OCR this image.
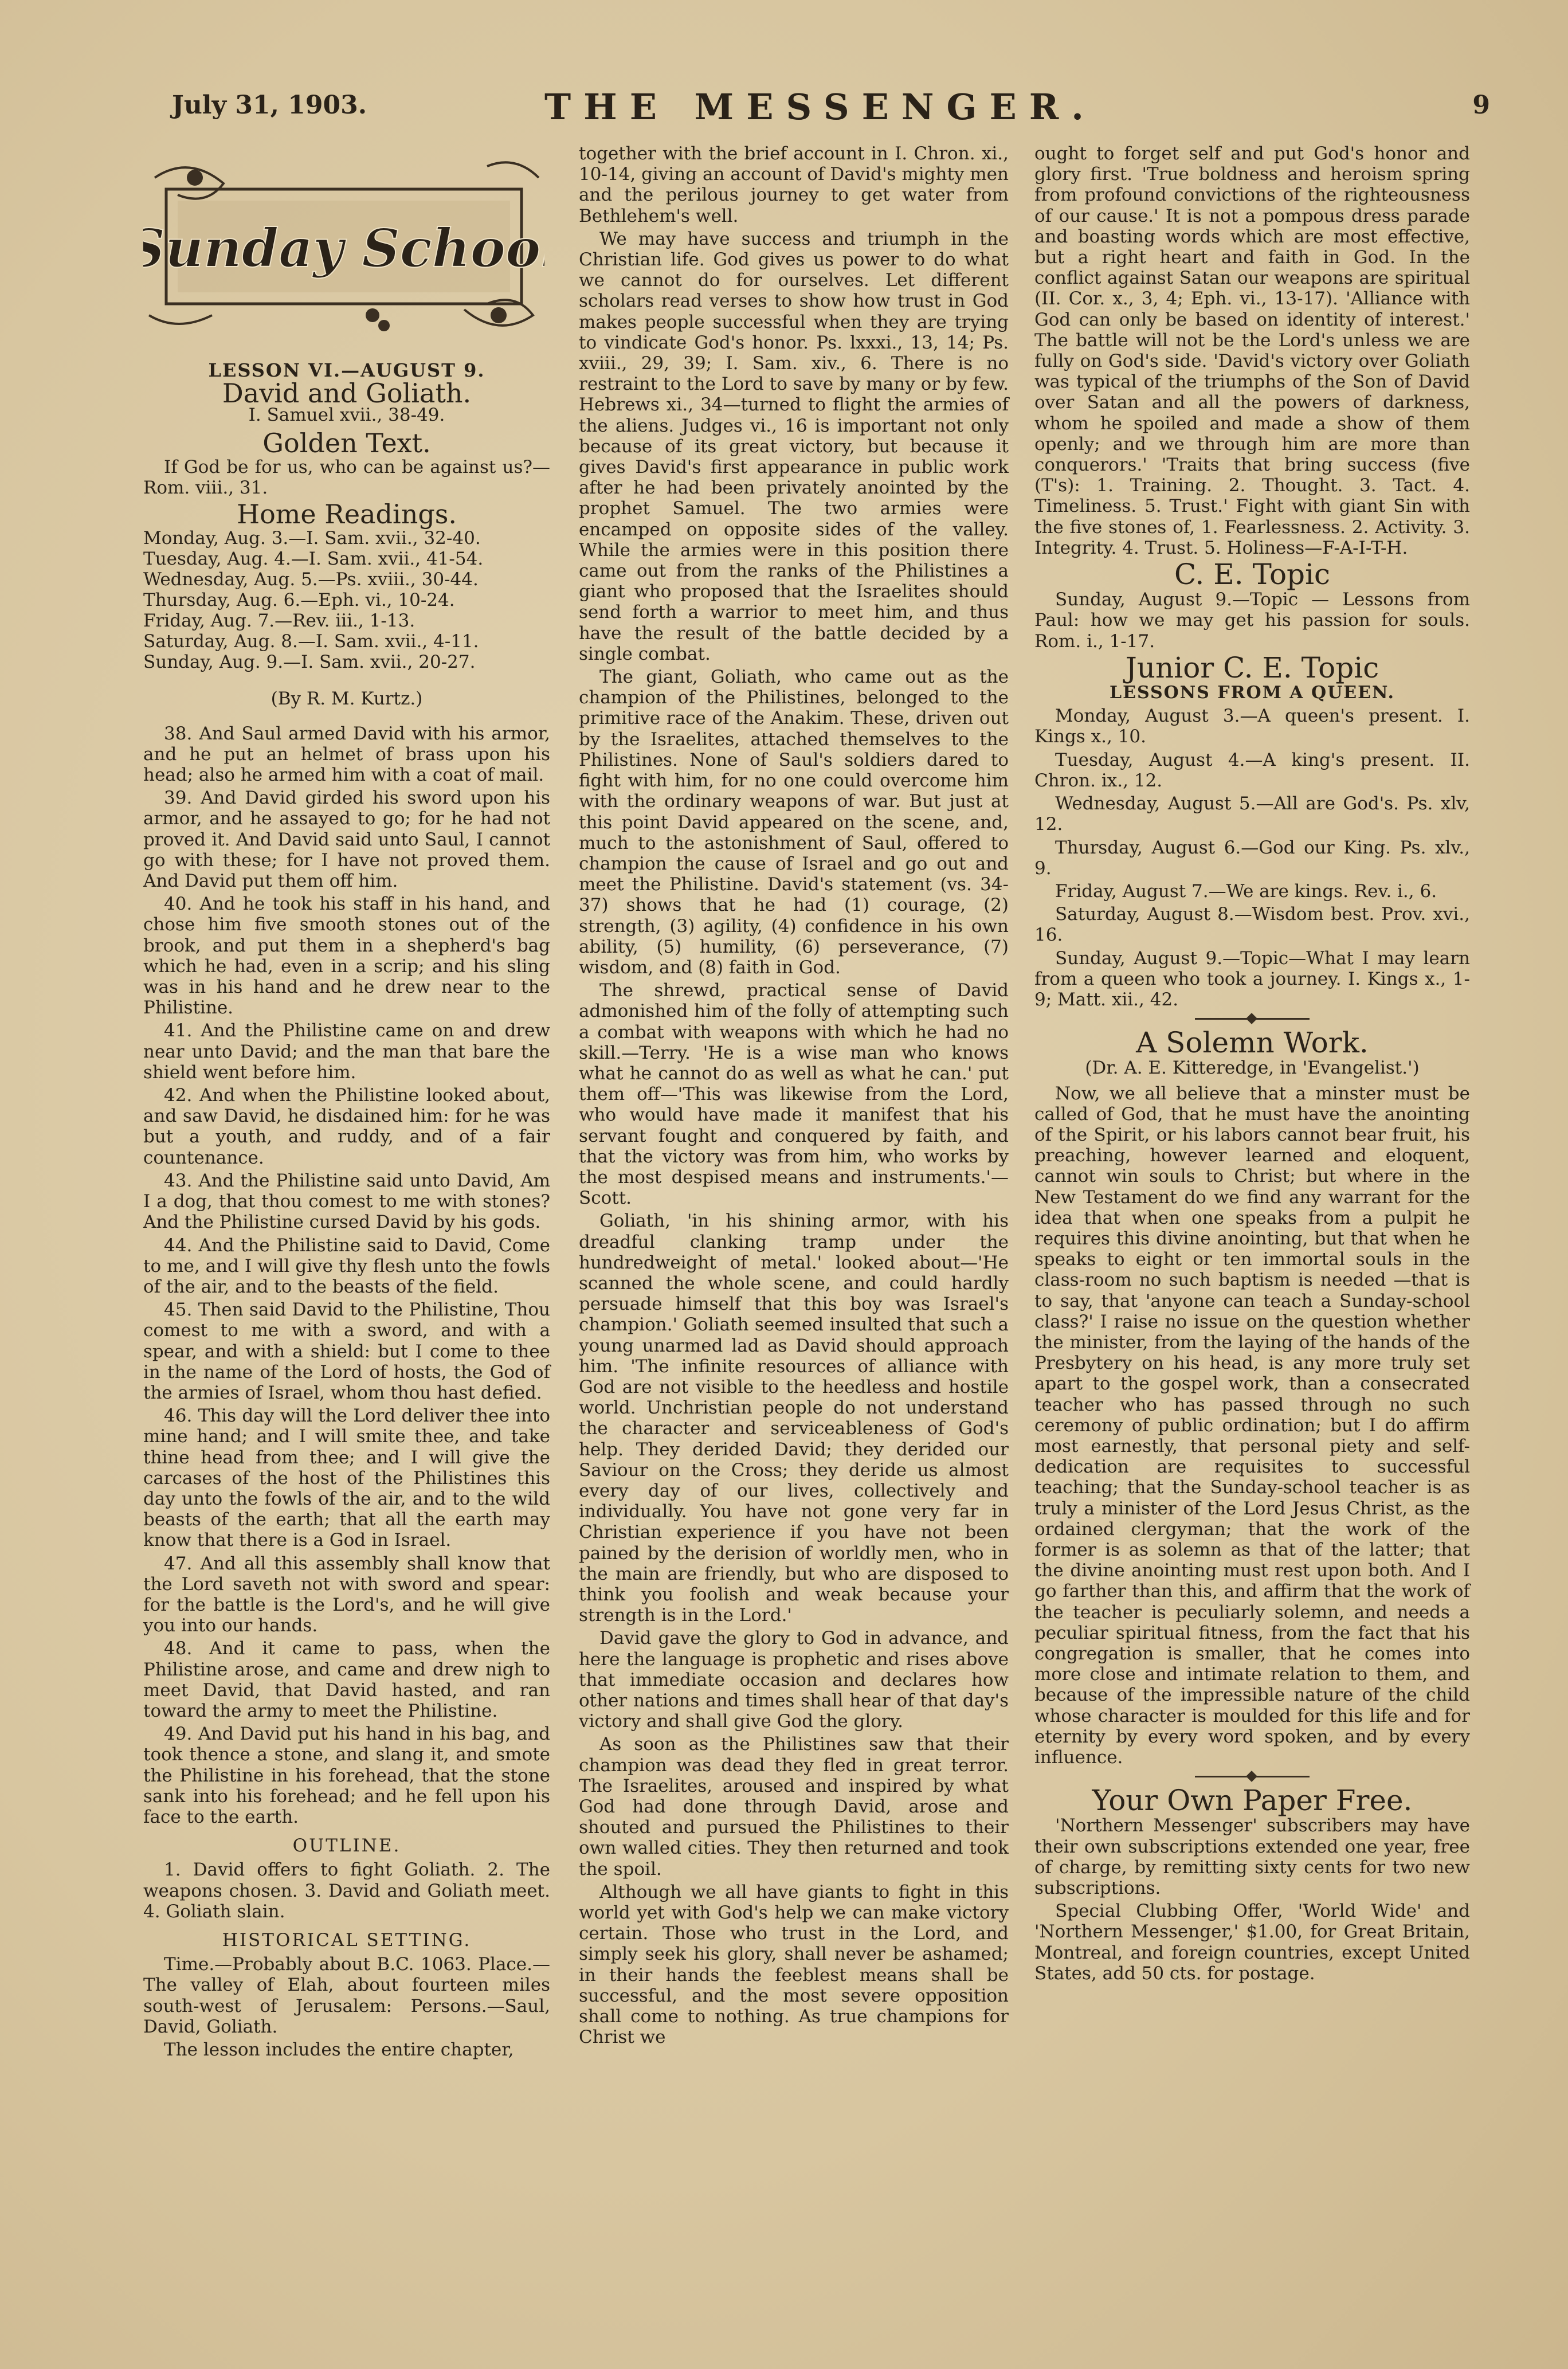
July 31, 1903.	THE MESSENGER.	9
Sunday School
LESSON VI.—AUGUST 9.
David and Goliath.
I. Samuel xvii., 38-49.
Golden Text.

If God be for us, who can be against us?—Rom. viii., 31.

Home Readings.
Monday, Aug. 3.—I. Sam. xvii., 32-40.
Tuesday, Aug. 4.—I. Sam. xvii., 41-54.
Wednesday, Aug. 5.—Ps. xviii., 30-44.
Thursday, Aug. 6.—Eph. vi., 10-24.
Friday, Aug. 7.—Rev. iii., 1-13.
Saturday, Aug. 8.—I. Sam. xvii., 4-11.
Sunday, Aug. 9.—I. Sam. xvii., 20-27.
(By R. M. Kurtz.)

38. And Saul armed David with his armor, and he put an helmet of brass upon his head; also he armed him with a coat of mail.

39. And David girded his sword upon his armor, and he assayed to go; for he had not proved it. And David said unto Saul, I cannot go with these; for I have not proved them. And David put them off him.

40. And he took his staff in his hand, and chose him five smooth stones out of the brook, and put them in a shepherd's bag which he had, even in a scrip; and his sling was in his hand and he drew near to the Philistine.

41. And the Philistine came on and drew near unto David; and the man that bare the shield went before him.

42. And when the Philistine looked about, and saw David, he disdained him: for he was but a youth, and ruddy, and of a fair countenance.

43. And the Philistine said unto David, Am I a dog, that thou comest to me with stones? And the Philistine cursed David by his gods.

44. And the Philistine said to David, Come to me, and I will give thy flesh unto the fowls of the air, and to the beasts of the field.

45. Then said David to the Philistine, Thou comest to me with a sword, and with a spear, and with a shield: but I come to thee in the name of the Lord of hosts, the God of the armies of Israel, whom thou hast defied.

46. This day will the Lord deliver thee into mine hand; and I will smite thee, and take thine head from thee; and I will give the carcases of the host of the Philistines this day unto the fowls of the air, and to the wild beasts of the earth; that all the earth may know that there is a God in Israel.

47. And all this assembly shall know that the Lord saveth not with sword and spear: for the battle is the Lord's, and he will give you into our hands.

48. And it came to pass, when the Philistine arose, and came and drew nigh to meet David, that David hasted, and ran toward the army to meet the Philistine.

49. And David put his hand in his bag, and took thence a stone, and slang it, and smote the Philistine in his forehead, that the stone sank into his forehead; and he fell upon his face to the earth.

OUTLINE.

1. David offers to fight Goliath. 2. The weapons chosen. 3. David and Goliath meet. 4. Goliath slain.

HISTORICAL SETTING.

Time.—Probably about B.C. 1063. Place.—The valley of Elah, about fourteen miles south-west of Jerusalem: Persons.—Saul, David, Goliath.

The lesson includes the entire chapter,

together with the brief account in I. Chron. xi., 10-14, giving an account of David's mighty men and the perilous journey to get water from Bethlehem's well.

We may have success and triumph in the Christian life. God gives us power to do what we cannot do for ourselves. Let different scholars read verses to show how trust in God makes people successful when they are trying to vindicate God's honor. Ps. lxxxi., 13, 14; Ps. xviii., 29, 39; I. Sam. xiv., 6. There is no restraint to the Lord to save by many or by few. Hebrews xi., 34—turned to flight the armies of the aliens. Judges vi., 16 is important not only because of its great victory, but because it gives David's first appearance in public work after he had been privately anointed by the prophet Samuel. The two armies were encamped on opposite sides of the valley. While the armies were in this position there came out from the ranks of the Philistines a giant who proposed that the Israelites should send forth a warrior to meet him, and thus have the result of the battle decided by a single combat.

The giant, Goliath, who came out as the champion of the Philistines, belonged to the primitive race of the Anakim. These, driven out by the Israelites, attached themselves to the Philistines. None of Saul's soldiers dared to fight with him, for no one could overcome him with the ordinary weapons of war. But just at this point David appeared on the scene, and, much to the astonishment of Saul, offered to champion the cause of Israel and go out and meet the Philistine. David's statement (vs. 34-37) shows that he had (1) courage, (2) strength, (3) agility, (4) confidence in his own ability, (5) humility, (6) perseverance, (7) wisdom, and (8) faith in God.

The shrewd, practical sense of David admonished him of the folly of attempting such a combat with weapons with which he had no skill.—Terry. 'He is a wise man who knows what he cannot do as well as what he can.' put them off—'This was likewise from the Lord, who would have made it manifest that his servant fought and conquered by faith, and that the victory was from him, who works by the most despised means and instruments.'—Scott.

Goliath, 'in his shining armor, with his dreadful clanking tramp under the hundredweight of metal.' looked about—'He scanned the whole scene, and could hardly persuade himself that this boy was Israel's champion.' Goliath seemed insulted that such a young unarmed lad as David should approach him. 'The infinite resources of alliance with God are not visible to the heedless and hostile world. Unchristian people do not understand the character and serviceableness of God's help. They derided David; they derided our Saviour on the Cross; they deride us almost every day of our lives, collectively and individually. You have not gone very far in Christian experience if you have not been pained by the derision of worldly men, who in the main are friendly, but who are disposed to think you foolish and weak because your strength is in the Lord.'

David gave the glory to God in advance, and here the language is prophetic and rises above that immediate occasion and declares how other nations and times shall hear of that day's victory and shall give God the glory.

As soon as the Philistines saw that their champion was dead they fled in great terror. The Israelites, aroused and inspired by what God had done through David, arose and shouted and pursued the Philistines to their own walled cities. They then returned and took the spoil.

Although we all have giants to fight in this world yet with God's help we can make victory certain. Those who trust in the Lord, and simply seek his glory, shall never be ashamed; in their hands the feeblest means shall be successful, and the most severe opposition shall come to nothing. As true champions for Christ we

ought to forget self and put God's honor and glory first. 'True boldness and heroism spring from profound convictions of the righteousness of our cause.' It is not a pompous dress parade and boasting words which are most effective, but a right heart and faith in God. In the conflict against Satan our weapons are spiritual (II. Cor. x., 3, 4; Eph. vi., 13-17). 'Alliance with God can only be based on identity of interest.' The battle will not be the Lord's unless we are fully on God's side. 'David's victory over Goliath was typical of the triumphs of the Son of David over Satan and all the powers of darkness, whom he spoiled and made a show of them openly; and we through him are more than conquerors.' 'Traits that bring success (five (T's): 1. Training. 2. Thought. 3. Tact. 4. Timeliness. 5. Trust.' Fight with giant Sin with the five stones of, 1. Fearlessness. 2. Activity. 3. Integrity. 4. Trust. 5. Holiness—F-A-I-T-H.

C. E. Topic

Sunday, August 9.—Topic — Lessons from Paul: how we may get his passion for souls. Rom. i., 1-17.

Junior C. E. Topic
LESSONS FROM A QUEEN.

Monday, August 3.—A queen's present. I. Kings x., 10.

Tuesday, August 4.—A king's present. II. Chron. ix., 12.

Wednesday, August 5.—All are God's. Ps. xlv, 12.

Thursday, August 6.—God our King. Ps. xlv., 9.

Friday, August 7.—We are kings. Rev. i., 6.

Saturday, August 8.—Wisdom best. Prov. xvi., 16.

Sunday, August 9.—Topic—What I may learn from a queen who took a journey. I. Kings x., 1-9; Matt. xii., 42.

A Solemn Work.
(Dr. A. E. Kitteredge, in 'Evangelist.')

Now, we all believe that a minster must be called of God, that he must have the anointing of the Spirit, or his labors cannot bear fruit, his preaching, however learned and eloquent, cannot win souls to Christ; but where in the New Testament do we find any warrant for the idea that when one speaks from a pulpit he requires this divine anointing, but that when he speaks to eight or ten immortal souls in the class-room no such baptism is needed —that is to say, that 'anyone can teach a Sunday-school class?' I raise no issue on the question whether the minister, from the laying of the hands of the Presbytery on his head, is any more truly set apart to the gospel work, than a consecrated teacher who has passed through no such ceremony of public ordination; but I do affirm most earnestly, that personal piety and self-dedication are requisites to successful teaching; that the Sunday-school teacher is as truly a minister of the Lord Jesus Christ, as the ordained clergyman; that the work of the former is as solemn as that of the latter; that the divine anointing must rest upon both. And I go farther than this, and affirm that the work of the teacher is peculiarly solemn, and needs a peculiar spiritual fitness, from the fact that his congregation is smaller, that he comes into more close and intimate relation to them, and because of the impressible nature of the child whose character is moulded for this life and for eternity by every word spoken, and by every influence.

Your Own Paper Free.

'Northern Messenger' subscribers may have their own subscriptions extended one year, free of charge, by remitting sixty cents for two new subscriptions.

Special Clubbing Offer, 'World Wide' and 'Northern Messenger,' $1.00, for Great Britain, Montreal, and foreign countries, except United States, add 50 cts. for postage.
